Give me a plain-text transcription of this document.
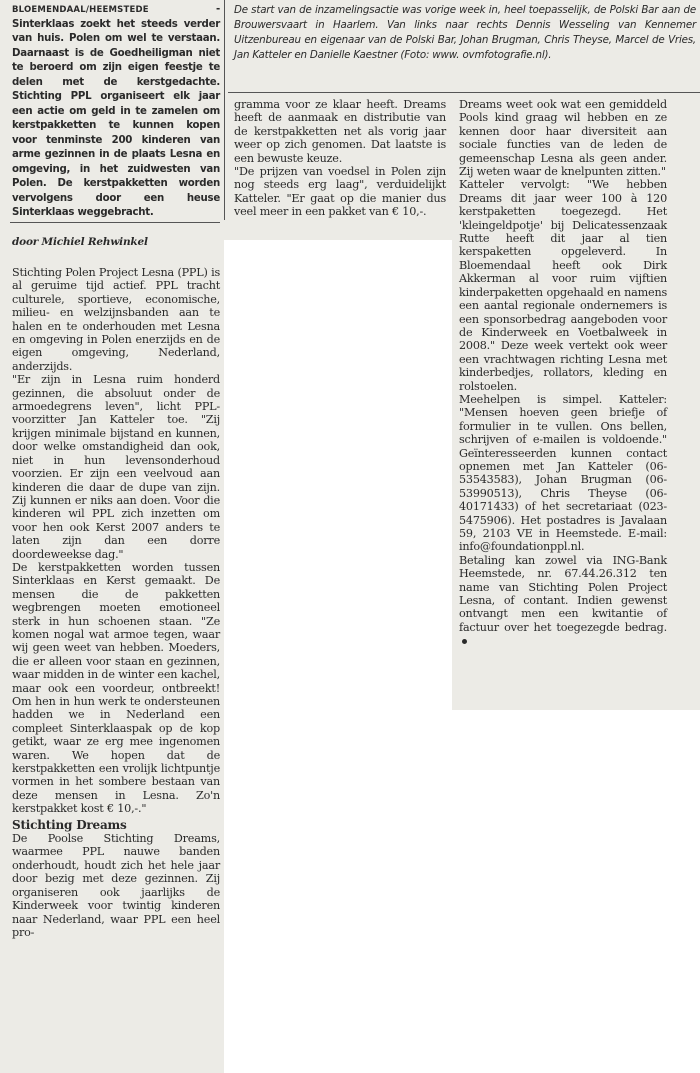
BLOEMENDAAL/HEEMSTEDE - Sinterklaas zoekt het steeds verder van huis. Polen om wel te verstaan. Daarnaast is de Goedheiligman niet te beroerd om zijn eigen feestje te delen met de kerstgedachte. Stichting PPL organiseert elk jaar een actie om geld in te zamelen om kerstpakketten te kunnen kopen voor tenminste 200 kinderen van arme gezinnen in de plaats Lesna en omgeving, in het zuidwesten van Polen. De kerstpakketten worden vervolgens door een heuse Sinterklaas weggebracht.

door Michiel Rehwinkel

De start van de inzamelingsactie was vorige week in, heel toepasselijk, de Polski Bar aan de Brouwersvaart in Haarlem. Van links naar rechts Dennis Wesseling van Kennemer Uitzenbureau en eigenaar van de Polski Bar, Johan Brugman, Chris Theyse, Marcel de Vries, Jan Katteler en Danielle Kaestner (Foto: www. ovmfotografie.nl).

Stichting Polen Project Lesna (PPL) is al geruime tijd actief. PPL tracht culturele, sportieve, economische, milieu- en welzijnsbanden aan te halen en te onderhouden met Lesna en omgeving in Polen enerzijds en de eigen omgeving, Nederland, anderzijds.

"Er zijn in Lesna ruim honderd gezinnen, die absoluut onder de armoedegrens leven", licht PPL-voorzitter Jan Katteler toe. "Zij krijgen minimale bijstand en kunnen, door welke omstandigheid dan ook, niet in hun levensonderhoud voorzien. Er zijn een veelvoud aan kinderen die daar de dupe van zijn. Zij kunnen er niks aan doen. Voor die kinderen wil PPL zich inzetten om voor hen ook Kerst 2007 anders te laten zijn dan een dorre doordeweekse dag."

De kerstpakketten worden tussen Sinterklaas en Kerst gemaakt. De mensen die de pakketten wegbrengen moeten emotioneel sterk in hun schoenen staan. "Ze komen nogal wat armoe tegen, waar wij geen weet van hebben. Moeders, die er alleen voor staan en gezinnen, waar midden in de winter een kachel, maar ook een voordeur, ontbreekt! Om hen in hun werk te ondersteunen hadden we in Nederland een compleet Sinterklaaspak op de kop getikt, waar ze erg mee ingenomen waren. We hopen dat de kerstpakketten een vrolijk lichtpuntje vormen in het sombere bestaan van deze mensen in Lesna. Zo'n kerstpakket kost € 10,-."

Stichting Dreams

De Poolse Stichting Dreams, waarmee PPL nauwe banden onderhoudt, houdt zich het hele jaar door bezig met deze gezinnen. Zij organiseren ook jaarlijks de Kinderweek voor twintig kinderen naar Nederland, waar PPL een heel pro-

gramma voor ze klaar heeft. Dreams heeft de aanmaak en distributie van de kerstpakketten net als vorig jaar weer op zich genomen. Dat laatste is een bewuste keuze.

"De prijzen van voedsel in Polen zijn nog steeds erg laag", verduidelijkt Katteler. "Er gaat op die manier dus veel meer in een pakket van € 10,-.

Dreams weet ook wat een gemiddeld Pools kind graag wil hebben en ze kennen door haar diversiteit aan sociale functies van de leden de gemeenschap Lesna als geen ander. Zij weten waar de knelpunten zitten."

Katteler vervolgt: "We hebben Dreams dit jaar weer 100 à 120 kerstpaketten toegezegd. Het 'kleingeldpotje' bij Delicatessenzaak Rutte heeft dit jaar al tien kerspaketten opgeleverd. In Bloemendaal heeft ook Dirk Akkerman al voor ruim vijftien kinderpaketten opgehaald en namens een aantal regionale ondernemers is een sponsorbedrag aangeboden voor de Kinderweek en Voetbalweek in 2008." Deze week vertekt ook weer een vrachtwagen richting Lesna met kinderbedjes, rollators, kleding en rolstoelen.

Meehelpen is simpel. Katteler: "Mensen hoeven geen briefje of formulier in te vullen. Ons bellen, schrijven of e-mailen is voldoende." Geïnteresseerden kunnen contact opnemen met Jan Katteler (06-53543583), Johan Brugman (06-53990513), Chris Theyse (06-40171433) of het secretariaat (023-5475906). Het postadres is Javalaan 59, 2103 VE in Heemstede. E-mail: info@foundationppl.nl.

Betaling kan zowel via ING-Bank Heemstede, nr. 67.44.26.312 ten name van Stichting Polen Project Lesna, of contant. Indien gewenst ontvangt men een kwitantie of factuur over het toegezegde bedrag.
